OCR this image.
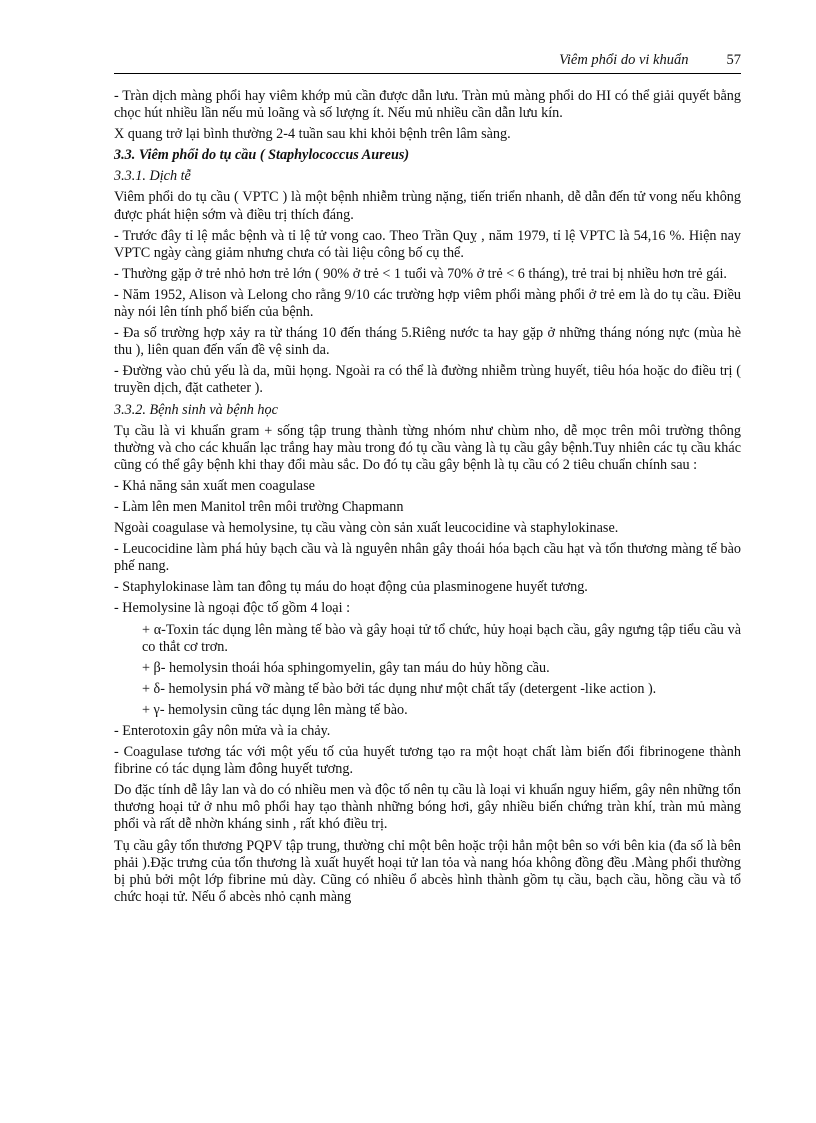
Viêm phổi do vi khuẩn	57

- Tràn dịch màng phổi hay viêm khớp mủ cần được dẫn lưu. Tràn mủ màng phổi do HI có thể giải quyết bằng chọc hút nhiều lần nếu mủ loãng và số lượng ít. Nếu mủ nhiều cần dẫn lưu kín.

X quang trở lại bình thường 2-4 tuần sau khi khỏi bệnh trên lâm sàng.

3.3. Viêm phổi do tụ cầu ( Staphylococcus Aureus)

3.3.1. Dịch tễ

Viêm phổi do tụ cầu ( VPTC ) là một bệnh nhiễm trùng nặng, tiến triển nhanh, dễ dẫn đến tử vong nếu không được phát hiện sớm và điều trị thích đáng.

- Trước đây tỉ lệ mắc bệnh và tỉ lệ tử vong cao. Theo Trần Quỵ , năm 1979, tỉ lệ VPTC là 54,16 %. Hiện nay VPTC ngày càng giảm nhưng chưa có tài liệu công bố cụ thể.

- Thường gặp ở trẻ nhỏ hơn trẻ lớn ( 90% ở trẻ < 1 tuổi và 70% ở trẻ < 6 tháng), trẻ trai bị nhiều hơn trẻ gái.

- Năm 1952, Alison và Lelong cho rằng 9/10 các trường hợp viêm phổi màng phổi ở trẻ em là do tụ cầu. Điều này nói lên tính phổ biến của bệnh.

- Đa số trường hợp xảy ra từ tháng 10 đến tháng 5.Riêng nước ta hay gặp ở những tháng nóng nực (mùa hè thu ), liên quan đến vấn đề vệ sinh da.

- Đường vào chủ yếu là da, mũi họng. Ngoài ra có thể là đường nhiễm trùng huyết, tiêu hóa hoặc do điều trị ( truyền dịch, đặt catheter ).

3.3.2. Bệnh sinh và bệnh học

Tụ cầu là vi khuẩn gram + sống tập trung thành từng nhóm như chùm nho, dễ mọc trên môi trường thông thường và cho các khuẩn lạc trắng hay màu trong đó tụ cầu vàng là tụ cầu gây bệnh.Tuy nhiên các tụ cầu khác cũng có thể gây bệnh khi thay đổi màu sắc. Do đó tụ cầu gây bệnh là tụ cầu có 2 tiêu chuẩn chính sau :

- Khả năng sản xuất men coagulase

- Làm lên men Manitol trên môi trường Chapmann

Ngoài coagulase và hemolysine, tụ cầu vàng còn sản xuất leucocidine và staphylokinase.

- Leucocidine làm phá hủy bạch cầu và là nguyên nhân gây thoái hóa bạch cầu hạt và tổn thương màng tế bào phế nang.

- Staphylokinase làm tan đông tụ máu do hoạt động của plasminogene huyết tương.

- Hemolysine là ngoại độc tố gồm 4 loại :

+ α-Toxin tác dụng lên màng tế bào và gây hoại tử tổ chức, hủy hoại bạch cầu, gây ngưng tập tiểu cầu và co thắt cơ trơn.

+ β- hemolysin thoái hóa sphingomyelin, gây tan máu do hủy hồng cầu.

+ δ- hemolysin phá vỡ màng tế bào bởi tác dụng như một chất tẩy (detergent -like action ).

+ γ- hemolysin cũng tác dụng lên màng tế bào.

- Enterotoxin gây nôn mửa và ỉa chảy.

- Coagulase tương tác với một yếu tố của huyết tương tạo ra một hoạt chất làm biến đổi fibrinogene thành fibrine có tác dụng làm đông huyết tương.

Do đặc tính dễ lây lan và do có nhiều men và độc tố nên tụ cầu là loại vi khuẩn nguy hiểm, gây nên những tổn thương hoại tử ở nhu mô phổi hay tạo thành những bóng hơi, gây nhiều biến chứng tràn khí, tràn mủ màng phổi và rất dễ nhờn kháng sinh , rất khó điều trị.

Tụ cầu gây tổn thương PQPV tập trung, thường chỉ một bên hoặc trội hẳn một bên so với bên kia (đa số là bên phải ).Đặc trưng của tổn thương là xuất huyết hoại tử lan tỏa và nang hóa không đồng đều .Màng phổi thường bị phủ bởi một lớp fibrine mủ dày. Cũng có nhiều ổ abcès hình thành gồm tụ cầu, bạch cầu, hồng cầu và tổ chức hoại tử. Nếu ổ abcès nhỏ cạnh màng
